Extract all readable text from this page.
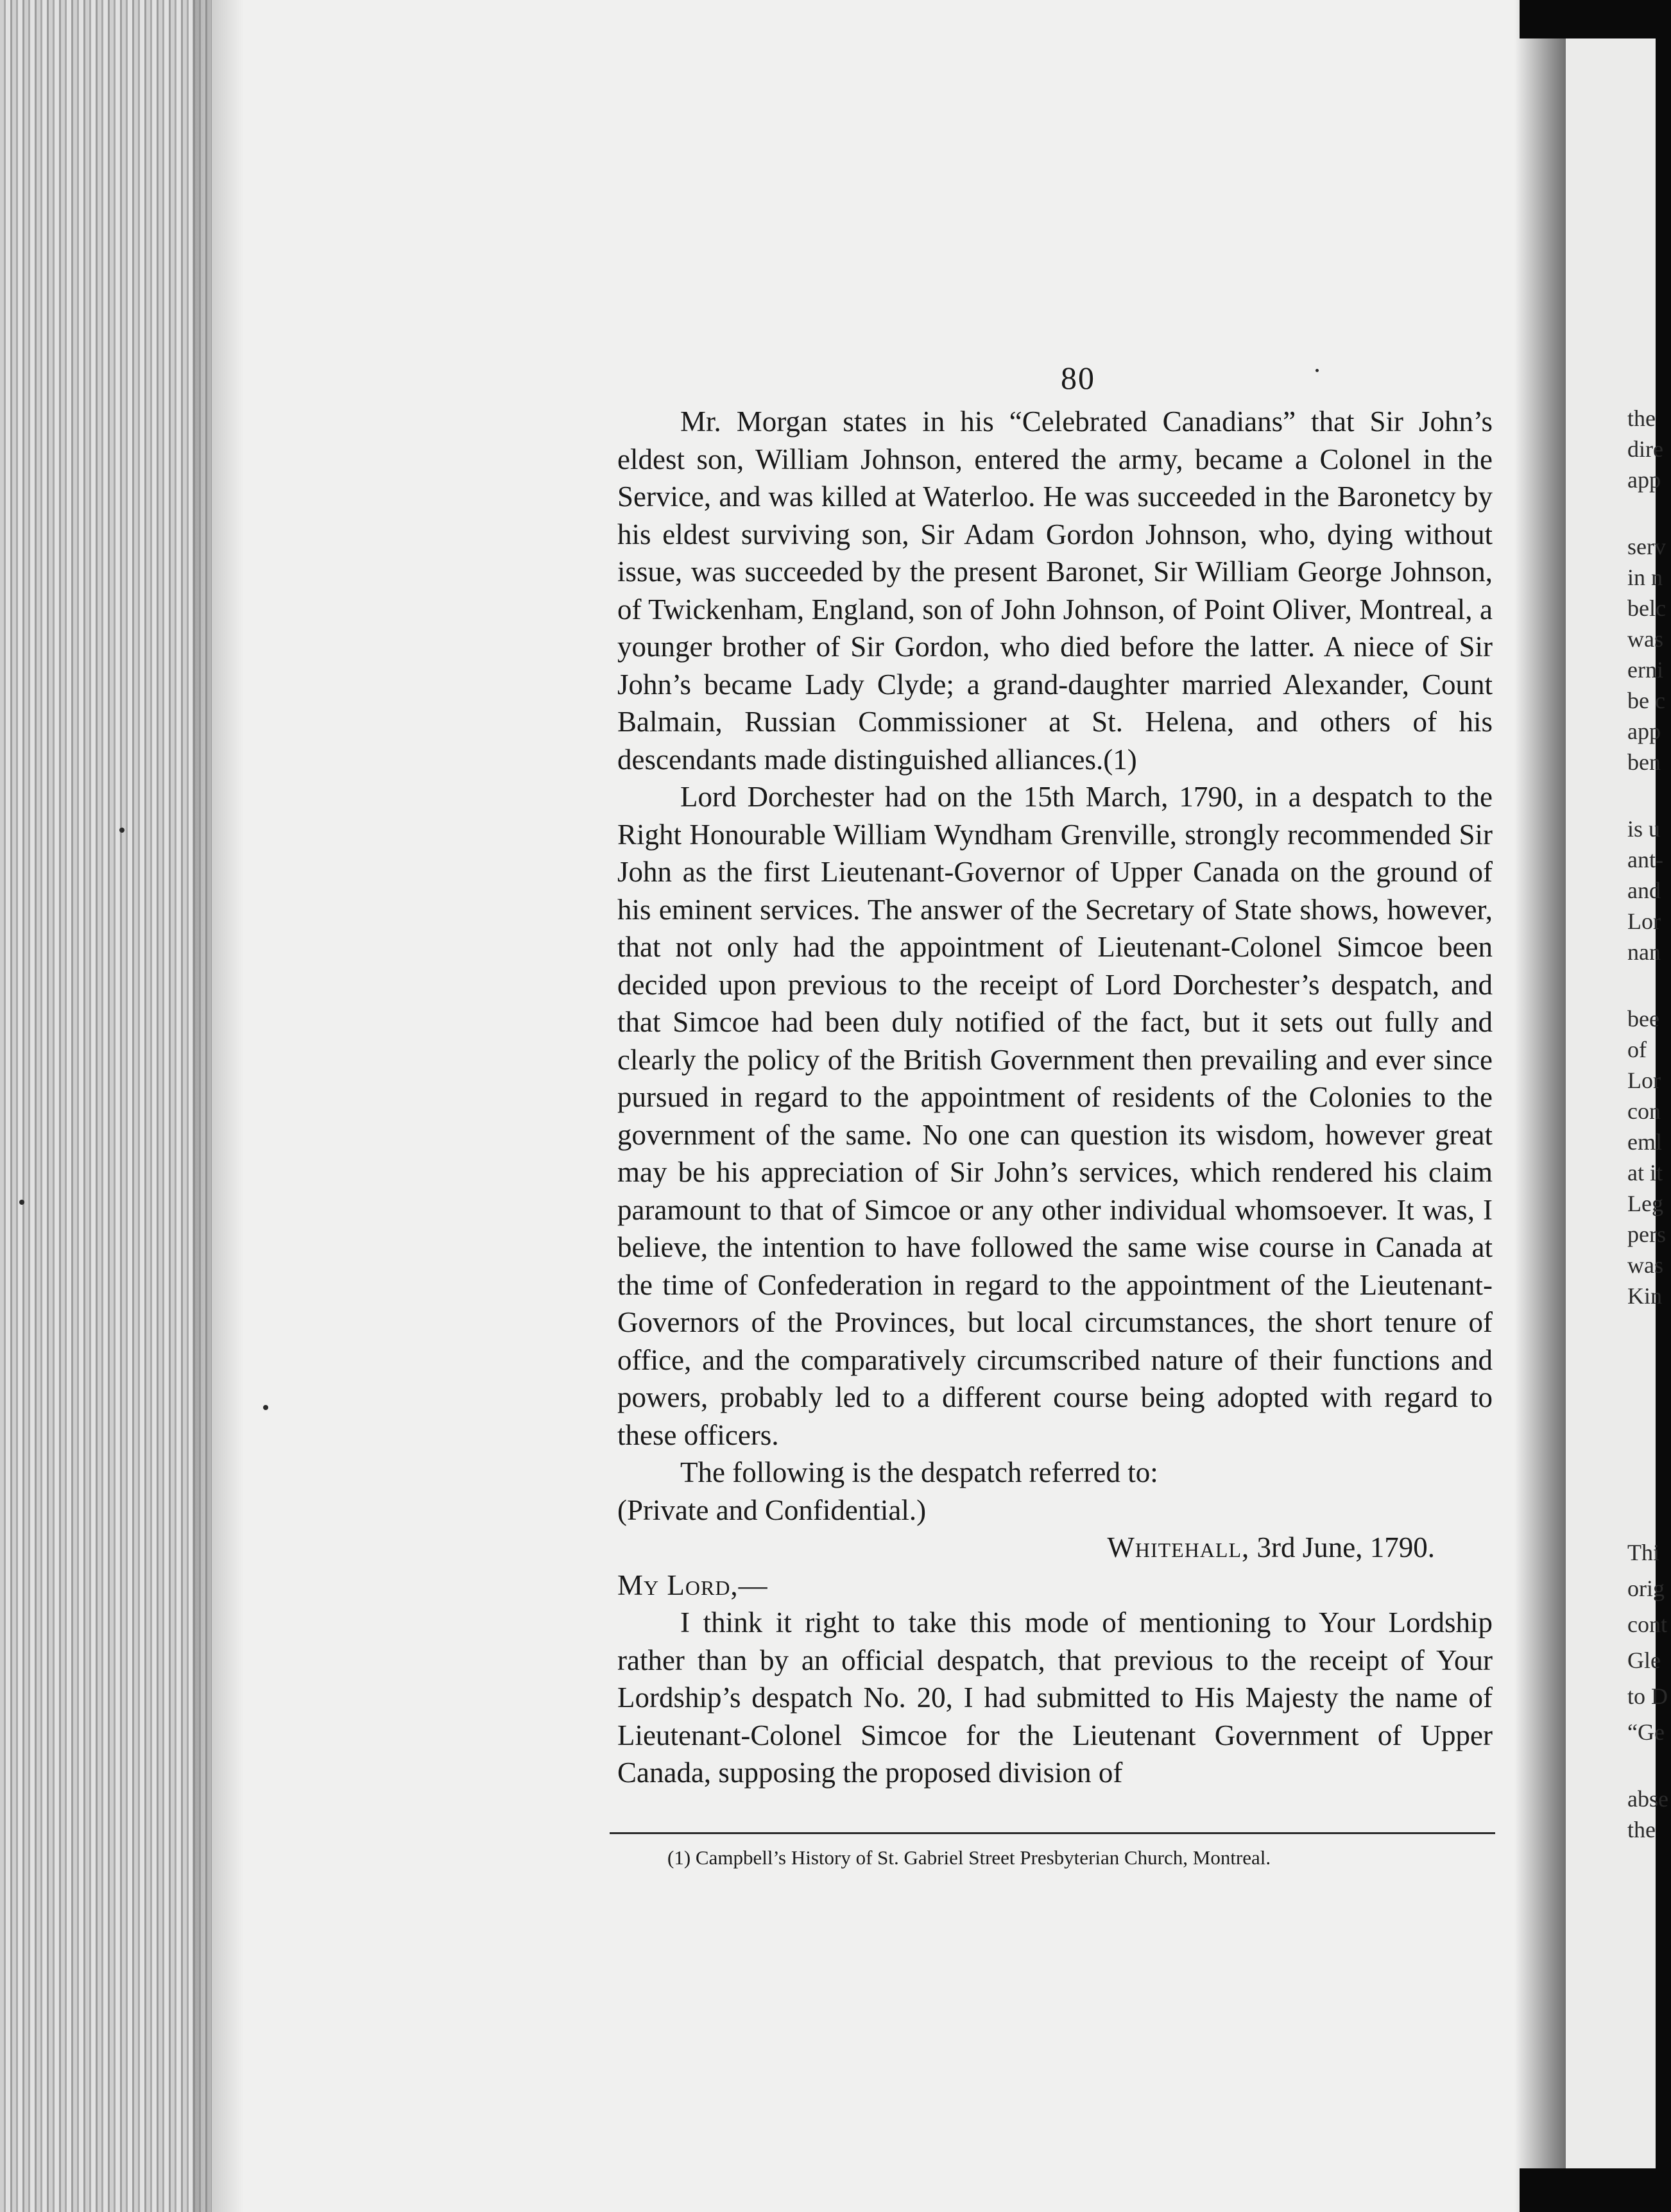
the
dire
app
serv
in n
belc
was
erni
be c
app
ben
is u
ant-
and
Lor
nan
bee
of
Lor
con
eml
at it
Leg
pers
was
Kin
Thi
orig
cont
Gle
to D
“Ge
abse
the
80

Mr. Morgan states in his “Celebrated Canadians” that Sir John’s eldest son, William Johnson, entered the army, became a Colonel in the Service, and was killed at Waterloo. He was succeeded in the Baronetcy by his eldest surviving son, Sir Adam Gordon Johnson, who, dying without issue, was succeeded by the present Baronet, Sir William George Johnson, of Twickenham, England, son of John Johnson, of Point Oliver, Montreal, a younger brother of Sir Gordon, who died before the latter. A niece of Sir John’s became Lady Clyde; a grand-daughter married Alexander, Count Balmain, Russian Commissioner at St. Helena, and others of his descendants made distinguished alliances.(1)

Lord Dorchester had on the 15th March, 1790, in a despatch to the Right Honourable William Wyndham Grenville, strongly recommended Sir John as the first Lieutenant-Governor of Upper Canada on the ground of his eminent services. The answer of the Secretary of State shows, however, that not only had the appointment of Lieutenant-Colonel Simcoe been decided upon previous to the receipt of Lord Dorchester’s despatch, and that Simcoe had been duly notified of the fact, but it sets out fully and clearly the policy of the British Government then prevailing and ever since pursued in regard to the appointment of residents of the Colonies to the government of the same. No one can question its wisdom, however great may be his appreciation of Sir John’s services, which rendered his claim paramount to that of Simcoe or any other individual whomsoever. It was, I believe, the intention to have followed the same wise course in Canada at the time of Confederation in regard to the appointment of the Lieutenant-Governors of the Provinces, but local circumstances, the short tenure of office, and the comparatively circumscribed nature of their functions and powers, probably led to a different course being adopted with regard to these officers.

The following is the despatch referred to:

(Private and Confidential.)

Whitehall, 3rd June, 1790.

My Lord,—

I think it right to take this mode of mentioning to Your Lordship rather than by an official despatch, that previous to the receipt of Your Lordship’s despatch No. 20, I had submitted to His Majesty the name of Lieutenant-Colonel Simcoe for the Lieutenant Government of Upper Canada, supposing the proposed division of

(1) Campbell’s History of St. Gabriel Street Presbyterian Church, Montreal.
